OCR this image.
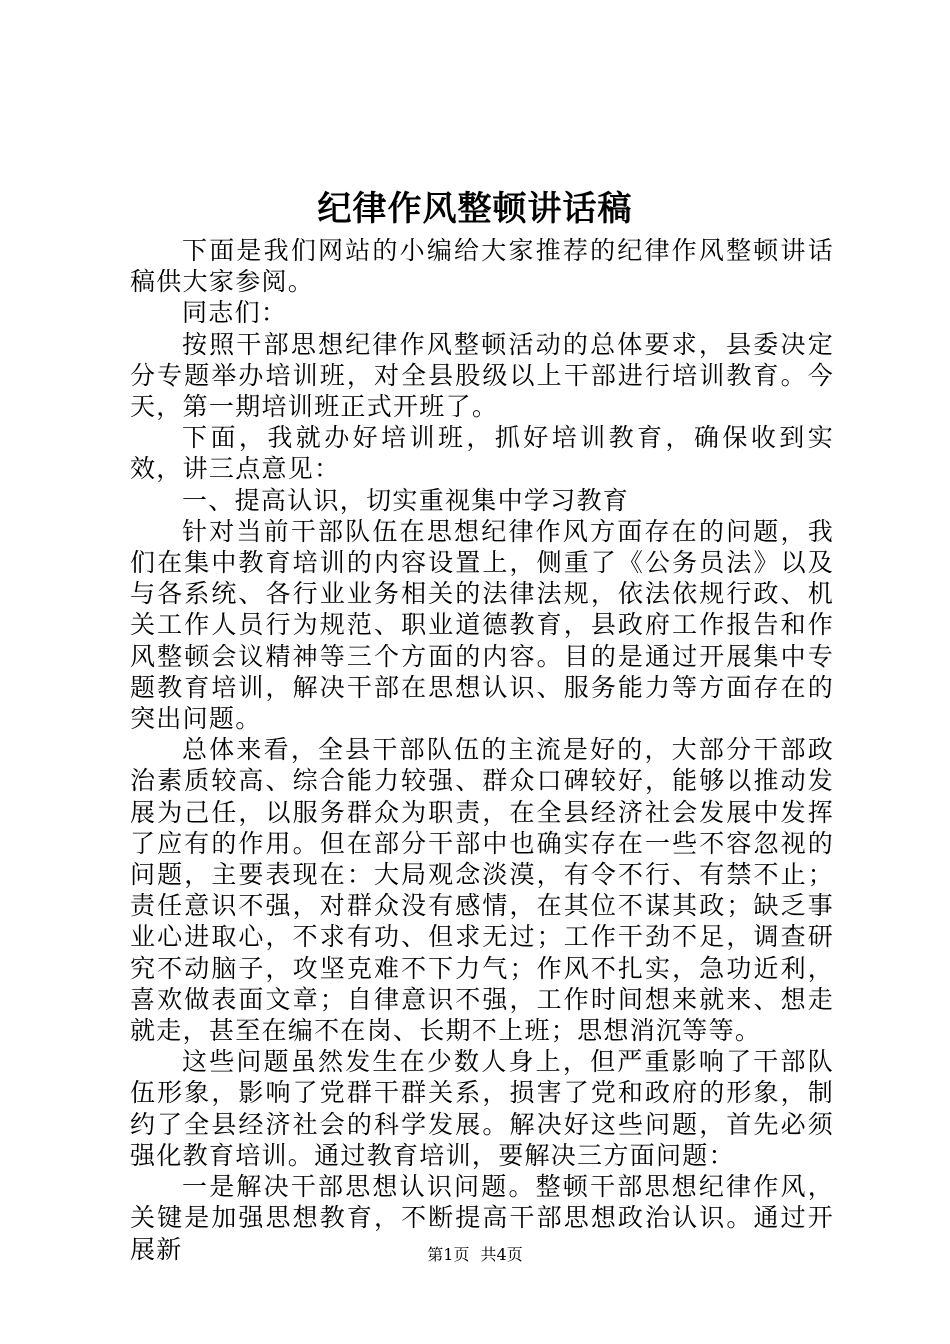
纪律作风整顿讲话稿

下面是我们网站的小编给大家推荐的纪律作风整顿讲话稿供大家参阅。

同志们：

按照干部思想纪律作风整顿活动的总体要求，县委决定分专题举办培训班，对全县股级以上干部进行培训教育。今天，第一期培训班正式开班了。

下面，我就办好培训班，抓好培训教育，确保收到实效，讲三点意见：

一、提高认识，切实重视集中学习教育

针对当前干部队伍在思想纪律作风方面存在的问题，我们在集中教育培训的内容设置上，侧重了《公务员法》以及与各系统、各行业业务相关的法律法规，依法依规行政、机关工作人员行为规范、职业道德教育，县政府工作报告和作风整顿会议精神等三个方面的内容。目的是通过开展集中专题教育培训，解决干部在思想认识、服务能力等方面存在的突出问题。

总体来看，全县干部队伍的主流是好的，大部分干部政治素质较高、综合能力较强、群众口碑较好，能够以推动发展为己任，以服务群众为职责，在全县经济社会发展中发挥了应有的作用。但在部分干部中也确实存在一些不容忽视的问题，主要表现在：大局观念淡漠，有令不行、有禁不止；责任意识不强，对群众没有感情，在其位不谋其政；缺乏事业心进取心，不求有功、但求无过；工作干劲不足，调查研究不动脑子，攻坚克难不下力气；作风不扎实，急功近利，喜欢做表面文章；自律意识不强，工作时间想来就来、想走就走，甚至在编不在岗、长期不上班；思想消沉等等。

这些问题虽然发生在少数人身上，但严重影响了干部队伍形象，影响了党群干群关系，损害了党和政府的形象，制约了全县经济社会的科学发展。解决好这些问题，首先必须强化教育培训。通过教育培训，要解决三方面问题：

一是解决干部思想认识问题。整顿干部思想纪律作风，关键是加强思想教育，不断提高干部思想政治认识。通过开展新	第1页 共4页
